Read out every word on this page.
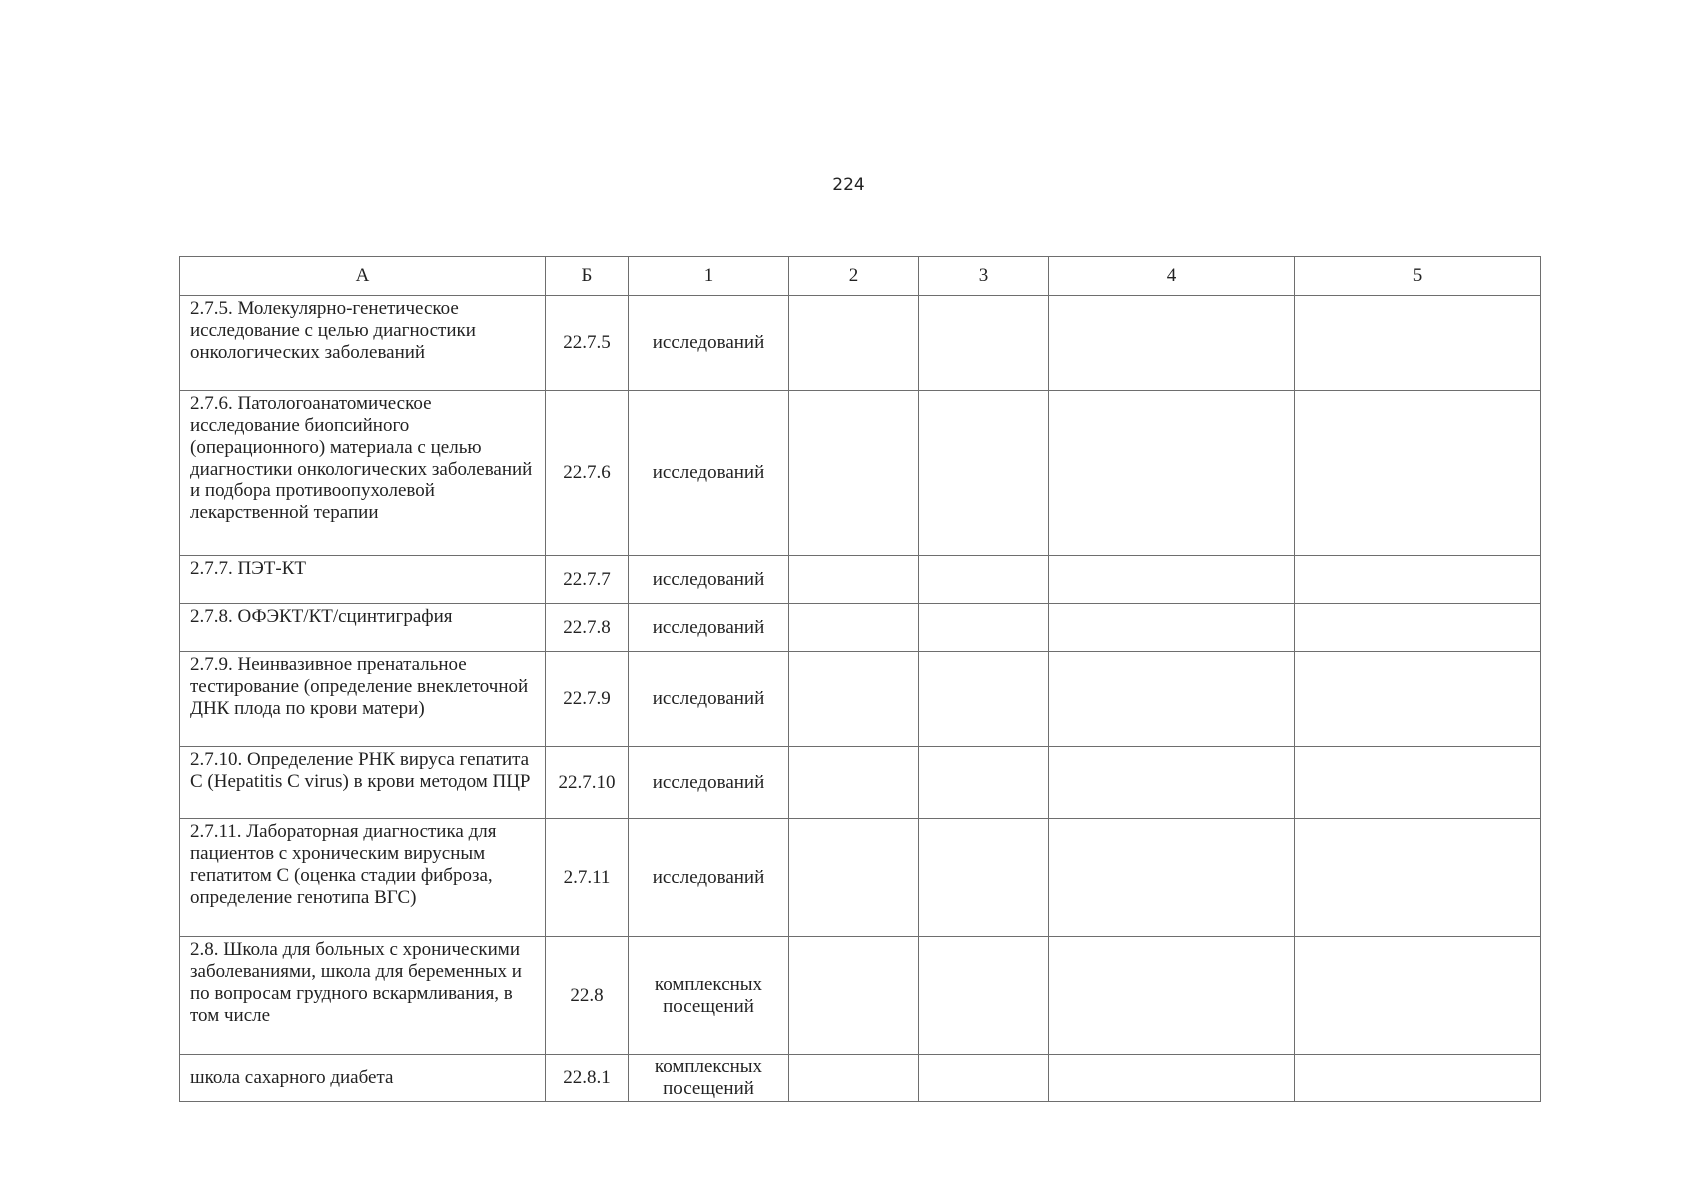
224
А	Б	1	2	3	4	5
2.7.5. Молекулярно-генетическое исследование с целью диагностики онкологических заболеваний	22.7.5	исследований				
2.7.6. Патологоанатомическое исследование биопсийного (операционного) материала с целью диагностики онкологических заболеваний и подбора противоопухолевой лекарственной терапии	22.7.6	исследований				
2.7.7. ПЭТ-КТ	22.7.7	исследований				
2.7.8. ОФЭКТ/КТ/сцинтиграфия	22.7.8	исследований				
2.7.9. Неинвазивное пренатальное тестирование (определение внеклеточной ДНК плода по крови матери)	22.7.9	исследований				
2.7.10. Определение РНК вируса гепатита С (Hepatitis C virus) в крови методом ПЦР	22.7.10	исследований				
2.7.11. Лабораторная диагностика для пациентов с хроническим вирусным гепатитом С (оценка стадии фиброза, определение генотипа ВГС)	2.7.11	исследований				
2.8. Школа для больных с хроническими заболеваниями, школа для беременных и по вопросам грудного вскармливания, в том числе	22.8	комплексных посещений				
школа сахарного диабета	22.8.1	комплексных посещений				
